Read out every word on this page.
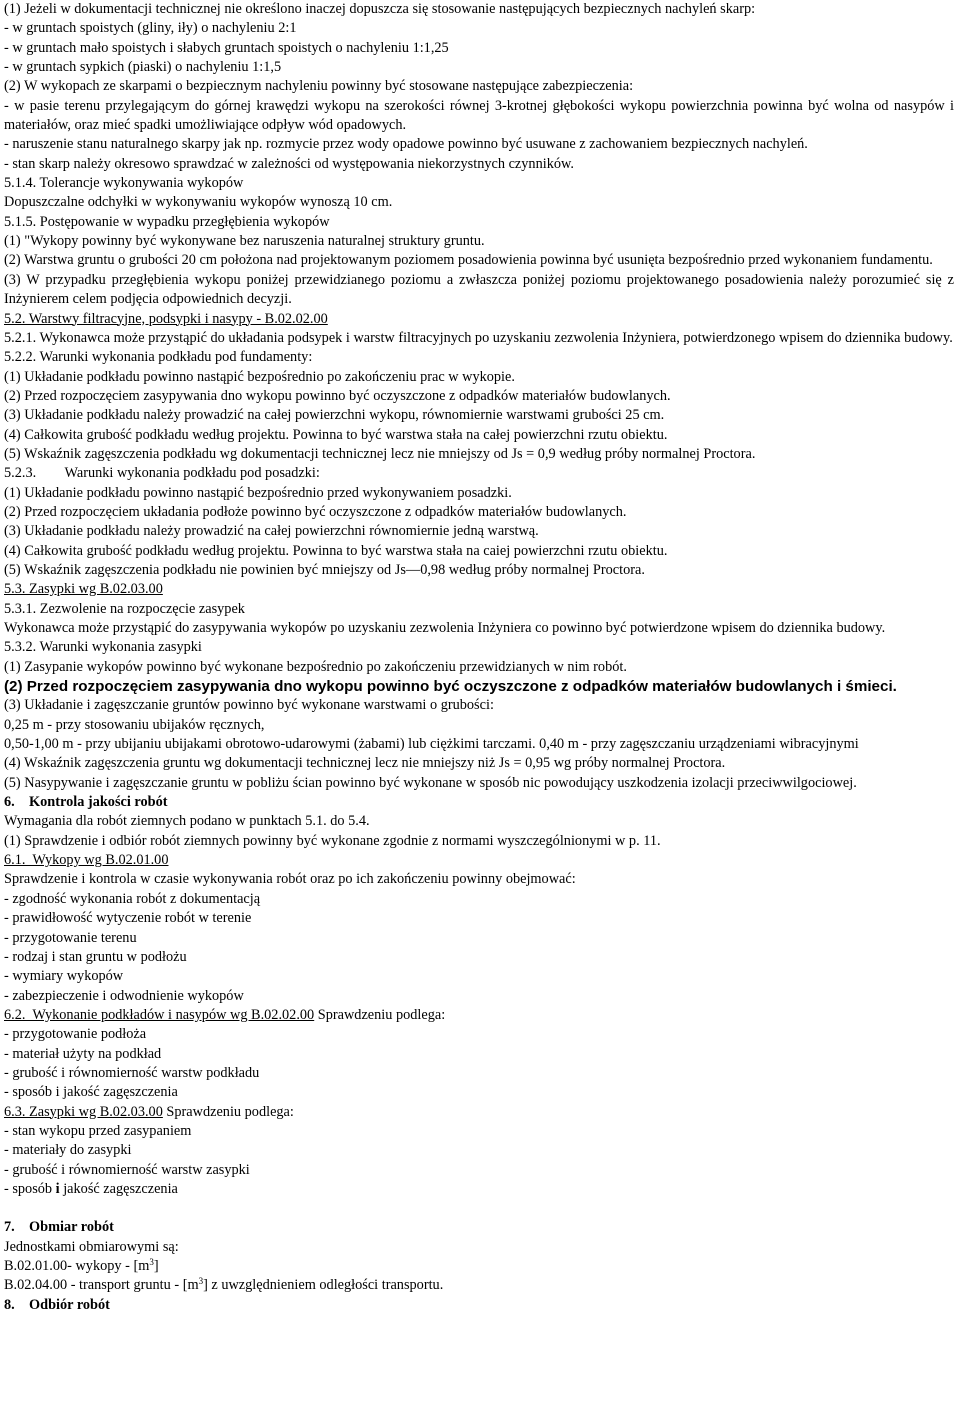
(1) Jeżeli w dokumentacji technicznej nie określono inaczej dopuszcza się stosowanie następujących bezpiecznych nachyleń skarp:
- w gruntach spoistych (gliny, iły) o nachyleniu 2:1
- w gruntach mało spoistych i słabych gruntach spoistych o nachyleniu 1:1,25
- w gruntach sypkich (piaski) o nachyleniu 1:1,5
(2) W wykopach ze skarpami o bezpiecznym nachyleniu powinny być stosowane następujące zabezpieczenia:
- w pasie terenu przylegającym do górnej krawędzi wykopu na szerokości równej 3-krotnej głębokości wykopu powierzchnia powinna być wolna od nasypów i materiałów, oraz mieć spadki umożliwiające odpływ wód opadowych.
- naruszenie stanu naturalnego skarpy jak np. rozmycie przez wody opadowe powinno być usuwane z zachowaniem bezpiecznych nachyleń.
- stan skarp należy okresowo sprawdzać w zależności od występowania niekorzystnych czynników.
5.1.4. Tolerancje wykonywania wykopów
Dopuszczalne odchyłki w wykonywaniu wykopów wynoszą 10 cm.
5.1.5. Postępowanie w wypadku przegłębienia wykopów
(1) "Wykopy powinny być wykonywane bez naruszenia naturalnej struktury gruntu.
(2) Warstwa gruntu o grubości 20 cm położona nad projektowanym poziomem posadowienia powinna być usunięta bezpośrednio przed wykonaniem fundamentu.
(3) W przypadku przegłębienia wykopu poniżej przewidzianego poziomu a zwłaszcza poniżej poziomu projektowanego posadowienia należy porozumieć się z Inżynierem celem podjęcia odpowiednich decyzji.
5.2. Warstwy filtracyjne, podsypki i nasypy - B.02.02.00
5.2.1. Wykonawca może przystąpić do układania podsypek i warstw filtracyjnych po uzyskaniu zezwolenia Inżyniera, potwierdzonego wpisem do dziennika budowy.
5.2.2. Warunki wykonania podkładu pod fundamenty:
(1) Układanie podkładu powinno nastąpić bezpośrednio po zakończeniu prac w wykopie.
(2) Przed rozpoczęciem zasypywania dno wykopu powinno być oczyszczone z odpadków materiałów budowlanych.
(3) Układanie podkładu należy prowadzić na całej powierzchni wykopu, równomiernie warstwami grubości 25 cm.
(4) Całkowita grubość podkładu według projektu. Powinna to być warstwa stała na całej powierzchni rzutu obiektu.
(5) Wskaźnik zagęszczenia podkładu wg dokumentacji technicznej lecz nie mniejszy od Js = 0,9 według próby normalnej Proctora.
5.2.3.        Warunki wykonania podkładu pod posadzki:
(1) Układanie podkładu powinno nastąpić bezpośrednio przed wykonywaniem posadzki.
(2) Przed rozpoczęciem układania podłoże powinno być oczyszczone z odpadków materiałów budowlanych.
(3) Układanie podkładu należy prowadzić na całej powierzchni równomiernie jedną warstwą.
(4) Całkowita grubość podkładu według projektu. Powinna to być warstwa stała na caiej powierzchni rzutu obiektu.
(5) Wskaźnik zagęszczenia podkładu nie powinien być mniejszy od Js—0,98 według próby normalnej Proctora.
5.3. Zasypki wg B.02.03.00
5.3.1. Zezwolenie na rozpoczęcie zasypek
Wykonawca może przystąpić do zasypywania wykopów po uzyskaniu zezwolenia Inżyniera co powinno być potwierdzone wpisem do dziennika budowy.
5.3.2. Warunki wykonania zasypki
(1) Zasypanie wykopów powinno być wykonane bezpośrednio po zakończeniu przewidzianych w nim robót.
(2) Przed rozpoczęciem zasypywania dno wykopu powinno być oczyszczone z odpadków materiałów budowlanych i śmieci.
(3) Układanie i zagęszczanie gruntów powinno być wykonane warstwami o grubości:
0,25 m - przy stosowaniu ubijaków ręcznych,
0,50-1,00 m - przy ubijaniu ubijakami obrotowo-udarowymi (żabami) lub ciężkimi tarczami. 0,40 m - przy zagęszczaniu urządzeniami wibracyjnymi
(4) Wskaźnik zagęszczenia gruntu wg dokumentacji technicznej lecz nie mniejszy niż Js = 0,95 wg próby normalnej Proctora.
(5) Nasypywanie i zagęszczanie gruntu w pobliżu ścian powinno być wykonane w sposób nic powodujący uszkodzenia izolacji przeciwwilgociowej.
6.    Kontrola jakości robót
Wymagania dla robót ziemnych podano w punktach 5.1. do 5.4.
(1) Sprawdzenie i odbiór robót ziemnych powinny być wykonane zgodnie z normami wyszczególnionymi w p. 11.
6.1.  Wykopy wg B.02.01.00
Sprawdzenie i kontrola w czasie wykonywania robót oraz po ich zakończeniu powinny obejmować:
- zgodność wykonania robót z dokumentacją
- prawidłowość wytyczenie robót w terenie
- przygotowanie terenu
- rodzaj i stan gruntu w podłożu
- wymiary wykopów
- zabezpieczenie i odwodnienie wykopów
6.2.  Wykonanie podkładów i nasypów wg B.02.02.00 Sprawdzeniu podlega:
- przygotowanie podłoża
- materiał użyty na podkład
- grubość i równomierność warstw podkładu
- sposób i jakość zagęszczenia
6.3. Zasypki wg B.02.03.00 Sprawdzeniu podlega:
- stan wykopu przed zasypaniem
- materiały do zasypki
- grubość i równomierność warstw zasypki
- sposób i jakość zagęszczenia
7.    Obmiar robót
Jednostkami obmiarowymi są:
B.02.01.00- wykopy - $[m^3]$
B.02.04.00 - transport gruntu - $[m^3]$ z uwzględnieniem odległości transportu.
8.    Odbiór robót
